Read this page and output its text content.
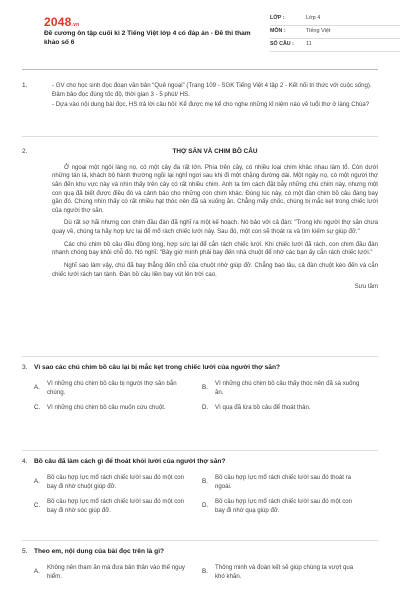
2048.vn
Đề cương ôn tập cuối kì 2 Tiếng Việt lớp 4 có đáp án - Đề thi tham khảo số 6
LỚP :	Lớp 4
MÔN :	Tiếng Việt
SỐ CÂU :	11
1.	- GV cho học sinh đọc đoạn văn bản "Quê ngoại" (Trang 109 - SGK Tiếng Việt 4 tập 2 - Kết nối tri thức với cuộc sống). Đảm bảo đọc đúng tốc độ, thời gian 3 - 5 phút/ HS.

- Dựa vào nội dung bài đọc, HS trả lời câu hỏi: Kể được mẹ kể cho nghe những kỉ niệm nào về tuổi thơ ở làng Chùa?

2.	THỢ SĂN VÀ CHIM BỒ CÂU

Ở ngoại một ngôi làng nọ, có một cây đa rất lớn. Phía trên cây, có nhiều loại chim khác nhau làm tổ. Còn dưới những tán lá, khách bộ hành thường ngồi lại nghỉ ngơi sau khi đi một chặng đường dài. Một ngày nọ, có một người thợ săn đến khu vực này và nhìn thấy trên cây có rất nhiều chim. Anh ta tìm cách đặt bẫy những chú chim này, nhưng một con quạ đã biết được điều đó và cảnh báo cho những con chim khác. Đúng lúc này, có một đàn chim bồ câu đang bay gần đó. Chúng nhìn thấy có rất nhiều hạt thóc nên đã sà xuống ăn. Chẳng mấy chốc, chúng bị mắc kẹt trong chiếc lưới của người thợ săn.

Dù rất sợ hãi nhưng con chim đầu đàn đã nghĩ ra một kế hoạch. Nó bảo với cả đàn: "Trong khi người thợ săn chưa quay về, chúng ta hãy hợp lực lại để mổ rách chiếc lưới này. Sau đó, một con sẽ thoát ra và tìm kiếm sự giúp đỡ."

Các chú chim bồ câu đều đồng lòng, hợp sức lại để cắn rách chiếc lưới. Khi chiếc lưới đã rách, con chim đầu đàn nhanh chóng bay khỏi chỗ đó. Nó nghĩ: "Bây giờ mình phải bay đến nhà chuột để nhờ các bạn ấy cắn rách chiếc lưới."

Nghĩ sao làm vậy, chú đã bay thẳng đến chỗ của chuột nhờ giúp đỡ. Chẳng bao lâu, cả đàn chuột kéo đến và cắn chiếc lưới rách tan tành. Đàn bồ câu liền bay vút lên trời cao.

Sưu tầm
3. Vì sao các chú chim bồ câu lại bị mắc kẹt trong chiếc lưới của người thợ săn?
A.
Vì những chú chim bồ câu bị người thợ săn bắn chúng.
B.
Vì những chú chim bồ câu thấy thóc nên đã sà xuống ăn.
C.	Vì những chú chim bồ câu muốn cứu chuột.	D.	Vì quạ đã lừa bồ câu để thoát thân.
4. Bồ câu đã làm cách gì để thoát khỏi lưới của người thợ săn?
A.
Bồ câu hợp lực mổ rách chiếc lưới sau đó một con bay đi nhờ chuột giúp đỡ.
B.
Bồ câu hợp lực mổ rách chiếc lưới sau đó thoát ra ngoài.
C.
Bồ câu hợp lực mổ rách chiếc lưới sau đó một con bay đi nhờ sóc giúp đỡ.
D.
Bồ câu hợp lực mổ rách chiếc lưới sau đó một con bay đi nhờ quạ giúp đỡ.
5. Theo em, nội dung của bài đọc trên là gì?
A.
Không nên tham ăn mà đưa bản thân vào thế nguy hiểm.
B.
Thông minh và đoàn kết sẽ giúp chúng ta vượt qua khó khăn.
